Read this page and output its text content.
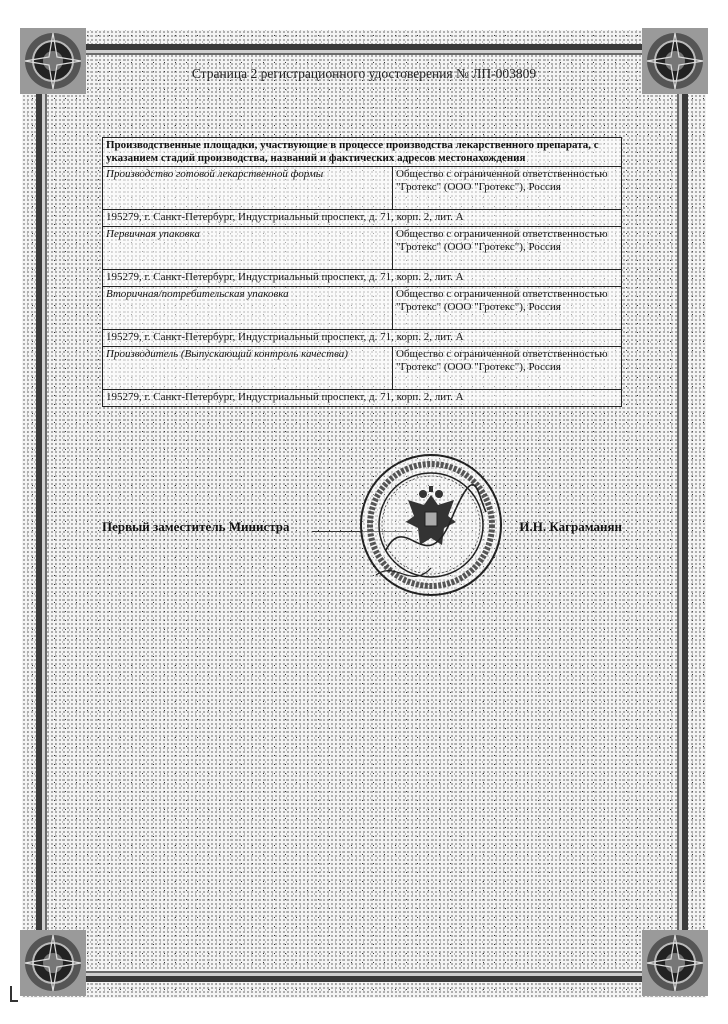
Страница 2 регистрационного удостоверения № ЛП-003809
Производственные площадки, участвующие в процессе производства лекарственного препарата, с указанием стадий производства, названий и фактических адресов местонахождения	
Производство готовой лекарственной формы	Общество с ограниченной ответственностью "Гротекс" (ООО "Гротекс"), Россия
195279, г. Санкт-Петербург, Индустриальный проспект, д. 71, корп. 2, лит. А	
Первичная упаковка	Общество с ограниченной ответственностью "Гротекс" (ООО "Гротекс"), Россия
195279, г. Санкт-Петербург, Индустриальный проспект, д. 71, корп. 2, лит. А	
Вторичная/потребительская упаковка	Общество с ограниченной ответственностью "Гротекс" (ООО "Гротекс"), Россия
195279, г. Санкт-Петербург, Индустриальный проспект, д. 71, корп. 2, лит. А	
Производитель (Выпускающий контроль качества)	Общество с ограниченной ответственностью "Гротекс" (ООО "Гротекс"), Россия
195279, г. Санкт-Петербург, Индустриальный проспект, д. 71, корп. 2, лит. А	
Первый заместитель Министра	И.Н. Каграманян
